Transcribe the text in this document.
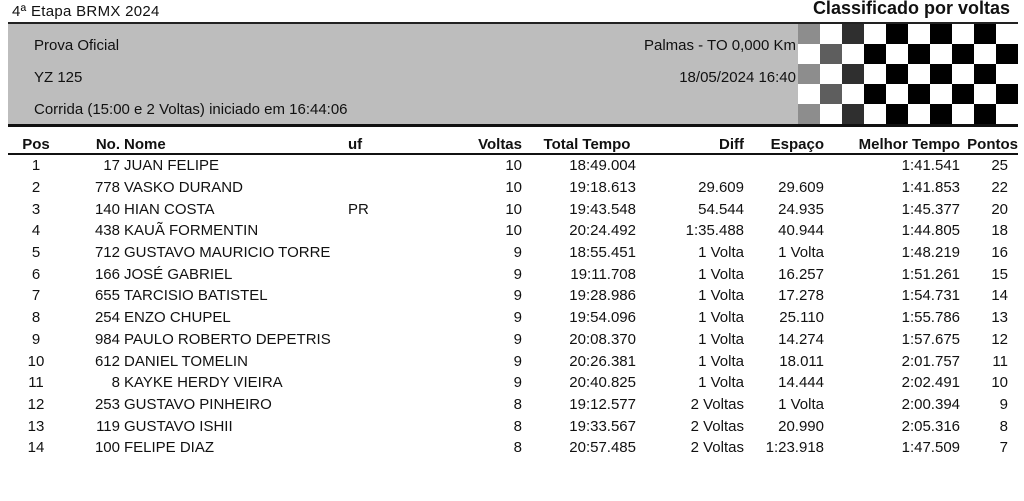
4ª Etapa BRMX 2024	Classificado por voltas
Prova Oficial
YZ 125
Corrida (15:00 e 2 Voltas) iniciado em 16:44:06
Palmas - TO 0,000 Km
18/05/2024 16:40
Pos	No.	Nome	uf	Voltas	Total Tempo	Diff	Espaço	Melhor Tempo	Pontos
1	17	JUAN FELIPE		10	18:49.004			1:41.541	25
2	778	VASKO DURAND		10	19:18.613	29.609	29.609	1:41.853	22
3	140	HIAN COSTA	PR	10	19:43.548	54.544	24.935	1:45.377	20
4	438	KAUÃ FORMENTIN		10	20:24.492	1:35.488	40.944	1:44.805	18
5	712	GUSTAVO MAURICIO TORRE		9	18:55.451	1 Volta	1 Volta	1:48.219	16
6	166	JOSÉ GABRIEL		9	19:11.708	1 Volta	16.257	1:51.261	15
7	655	TARCISIO BATISTEL		9	19:28.986	1 Volta	17.278	1:54.731	14
8	254	ENZO CHUPEL		9	19:54.096	1 Volta	25.110	1:55.786	13
9	984	PAULO ROBERTO DEPETRIS		9	20:08.370	1 Volta	14.274	1:57.675	12
10	612	DANIEL TOMELIN		9	20:26.381	1 Volta	18.011	2:01.757	11
11	8	KAYKE HERDY VIEIRA		9	20:40.825	1 Volta	14.444	2:02.491	10
12	253	GUSTAVO PINHEIRO		8	19:12.577	2 Voltas	1 Volta	2:00.394	9
13	119	GUSTAVO ISHII		8	19:33.567	2 Voltas	20.990	2:05.316	8
14	100	FELIPE DIAZ		8	20:57.485	2 Voltas	1:23.918	1:47.509	7
